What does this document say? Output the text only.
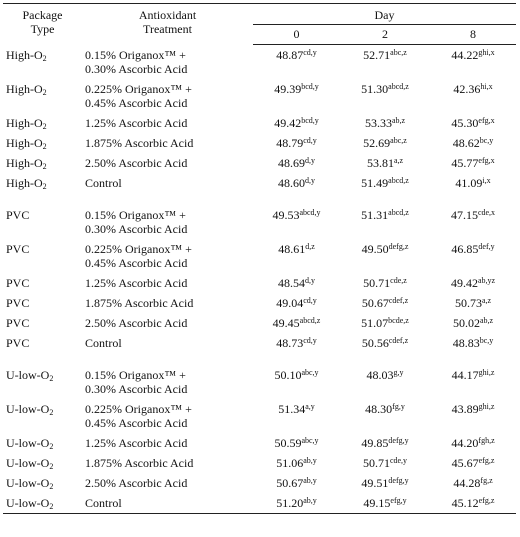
Package
Type	Antioxidant
Treatment	Day		
		0	2	8
High-$O_2$	0.15% Origanox™ +
0.30% Ascorbic Acid	$48.87^{cd,y}$	$52.71^{abc,z}$	$44.22^{ghi,x}$
High-$O_2$	0.225% Origanox™ +
0.45% Ascorbic Acid	$49.39^{bcd,y}$	$51.30^{abcd,z}$	$42.36^{hi,x}$
High-$O_2$	1.25% Ascorbic Acid	$49.42^{bcd,y}$	$53.33^{ab,z}$	$45.30^{efg,x}$
High-$O_2$	1.875% Ascorbic Acid	$48.79^{cd,y}$	$52.69^{abc,z}$	$48.62^{bc,y}$
High-$O_2$	2.50% Ascorbic Acid	48.69$^{d,y}$	53.81$^{a,z}$	$45.77^{efg,x}$
High-$O_2$	Control	48.60$^{d,y}$	$51.49^{abcd,z}$	41.09$^{i,x}$

PVC	0.15% Origanox™ +
0.30% Ascorbic Acid	$49.53^{abcd,y}$	$51.31^{abcd,z}$	$47.15^{cde,x}$
PVC	0.225% Origanox™ +
0.45% Ascorbic Acid	48.61$^{d,z}$	$49.50^{defg,z}$	$46.85^{def,y}$
PVC	1.25% Ascorbic Acid	48.54$^{d,y}$	$50.71^{cde,z}$	$49.42^{ab,yz}$
PVC	1.875% Ascorbic Acid	$49.04^{cd,y}$	$50.67^{cdef,z}$	50.73$^{a,z}$
PVC	2.50% Ascorbic Acid	$49.45^{abcd,z}$	$51.07^{bcde,z}$	$50.02^{ab,z}$
PVC	Control	$48.73^{cd,y}$	$50.56^{cdef,z}$	$48.83^{bc,y}$

$U-low-O_2$	0.15% Origanox™ +
0.30% Ascorbic Acid	$50.10^{abc,y}$	48.03$^{g,y}$	$44.17^{ghi,z}$
$U-low-O_2$	0.225% Origanox™ +
0.45% Ascorbic Acid	51.34$^{a,y}$	$48.30^{fg,y}$	$43.89^{ghi,z}$
$U-low-O_2$	1.25% Ascorbic Acid	$50.59^{abc,y}$	$49.85^{defg,y}$	$44.20^{fgh,z}$
$U-low-O_2$	1.875% Ascorbic Acid	$51.06^{ab,y}$	$50.71^{cde,y}$	$45.67^{efg,z}$
$U-low-O_2$	2.50% Ascorbic Acid	$50.67^{ab,y}$	$49.51^{defg,y}$	$44.28^{fg,z}$
$U-low-O_2$	Control	$51.20^{ab,y}$	$49.15^{efg,y}$	$45.12^{efg,z}$
